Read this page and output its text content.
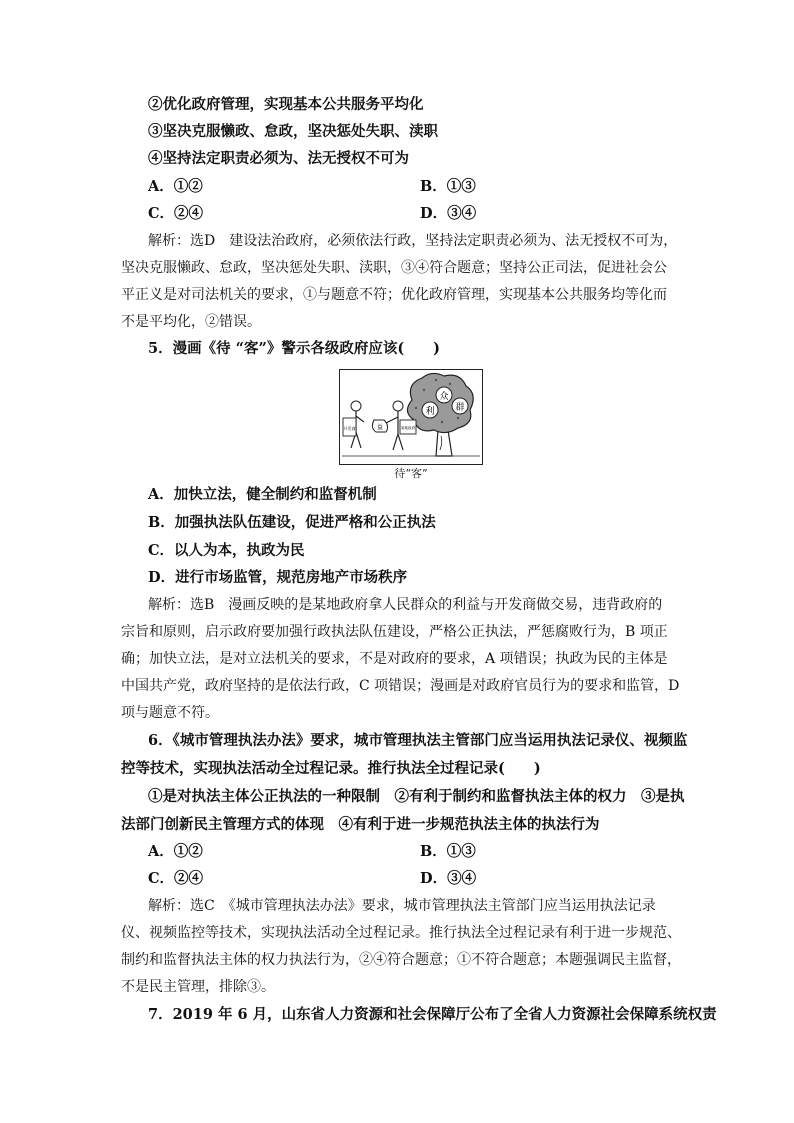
②优化政府管理，实现基本公共服务平均化
③坚决克服懒政、怠政，坚决惩处失职、渎职
④坚持法定职责必须为、法无授权不可为
A．①②	B．①③
C．②④	D．③④
解析：选D　建设法治政府，必须依法行政，坚持法定职责必须为、法无授权不可为，
坚决克服懒政、怠政，坚决惩处失职、渎职，③④符合题意；坚持公正司法，促进社会公
平正义是对司法机关的要求，①与题意不符；优化政府管理，实现基本公共服务均等化而
不是平均化，②错误。
5．漫画《待 “客”》警示各级政府应该(　　)
利
众
群
开发商	某地政府
益
待“客”
A．加快立法，健全制约和监督机制
B．加强执法队伍建设，促进严格和公正执法
C．以人为本，执政为民
D．进行市场监管，规范房地产市场秩序
解析：选B　漫画反映的是某地政府拿人民群众的利益与开发商做交易，违背政府的
宗旨和原则，启示政府要加强行政执法队伍建设，严格公正执法，严惩腐败行为，B 项正
确；加快立法，是对立法机关的要求，不是对政府的要求，A 项错误；执政为民的主体是
中国共产党，政府坚持的是依法行政，C 项错误；漫画是对政府官员行为的要求和监管，D
项与题意不符。
6．《城市管理执法办法》要求，城市管理执法主管部门应当运用执法记录仪、视频监
控等技术，实现执法活动全过程记录。推行执法全过程记录(　　)
①是对执法主体公正执法的一种限制　②有利于制约和监督执法主体的权力　③是执
法部门创新民主管理方式的体现　④有利于进一步规范执法主体的执法行为
A．①②	B．①③
C．②④	D．③④
解析：选C　《城市管理执法办法》要求，城市管理执法主管部门应当运用执法记录
仪、视频监控等技术，实现执法活动全过程记录。推行执法全过程记录有利于进一步规范、
制约和监督执法主体的权力执法行为，②④符合题意；①不符合题意；本题强调民主监督，
不是民主管理，排除③。
7．2019 年 6 月，山东省人力资源和社会保障厅公布了全省人力资源社会保障系统权责
